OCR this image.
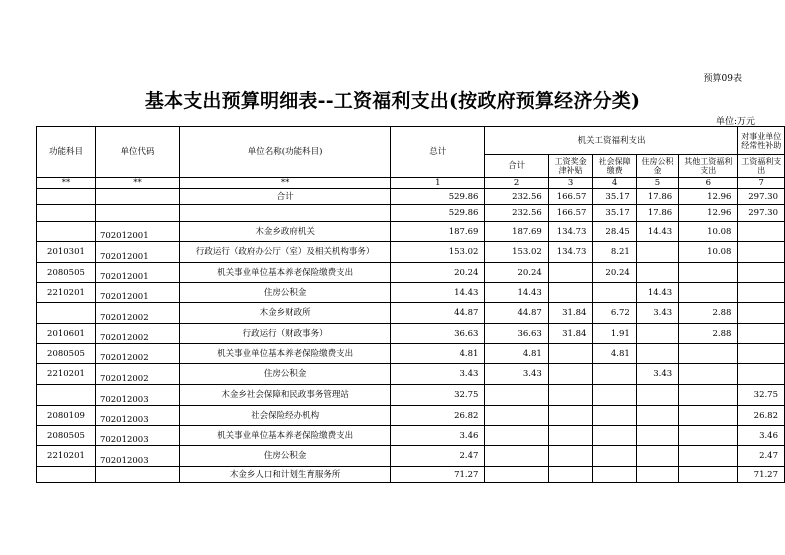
预算09表
基本支出预算明细表--工资福利支出(按政府预算经济分类)
单位:万元
功能科目	单位代码	单位名称(功能科目)	总计	机关工资福利支出					对事业单位经常性补助
				合计	工资奖金津补贴	社会保障缴费	住房公积金	其他工资福利支出	工资福利支出
**	**	**	1	2	3	4	5	6	7
		合计	529.86	232.56	166.57	35.17	17.86	12.96	297.30
			529.86	232.56	166.57	35.17	17.86	12.96	297.30
	702012001	木金乡政府机关	187.69	187.69	134.73	28.45	14.43	10.08	
2010301	702012001	行政运行（政府办公厅（室）及相关机构事务）	153.02	153.02	134.73	8.21		10.08	
2080505	702012001	机关事业单位基本养老保险缴费支出	20.24	20.24		20.24			
2210201	702012001	住房公积金	14.43	14.43			14.43		
	702012002	木金乡财政所	44.87	44.87	31.84	6.72	3.43	2.88	
2010601	702012002	行政运行（财政事务）	36.63	36.63	31.84	1.91		2.88	
2080505	702012002	机关事业单位基本养老保险缴费支出	4.81	4.81		4.81			
2210201	702012002	住房公积金	3.43	3.43			3.43		
	702012003	木金乡社会保障和民政事务管理站	32.75						32.75
2080109	702012003	社会保险经办机构	26.82						26.82
2080505	702012003	机关事业单位基本养老保险缴费支出	3.46						3.46
2210201	702012003	住房公积金	2.47						2.47
		木金乡人口和计划生育服务所	71.27						71.27
